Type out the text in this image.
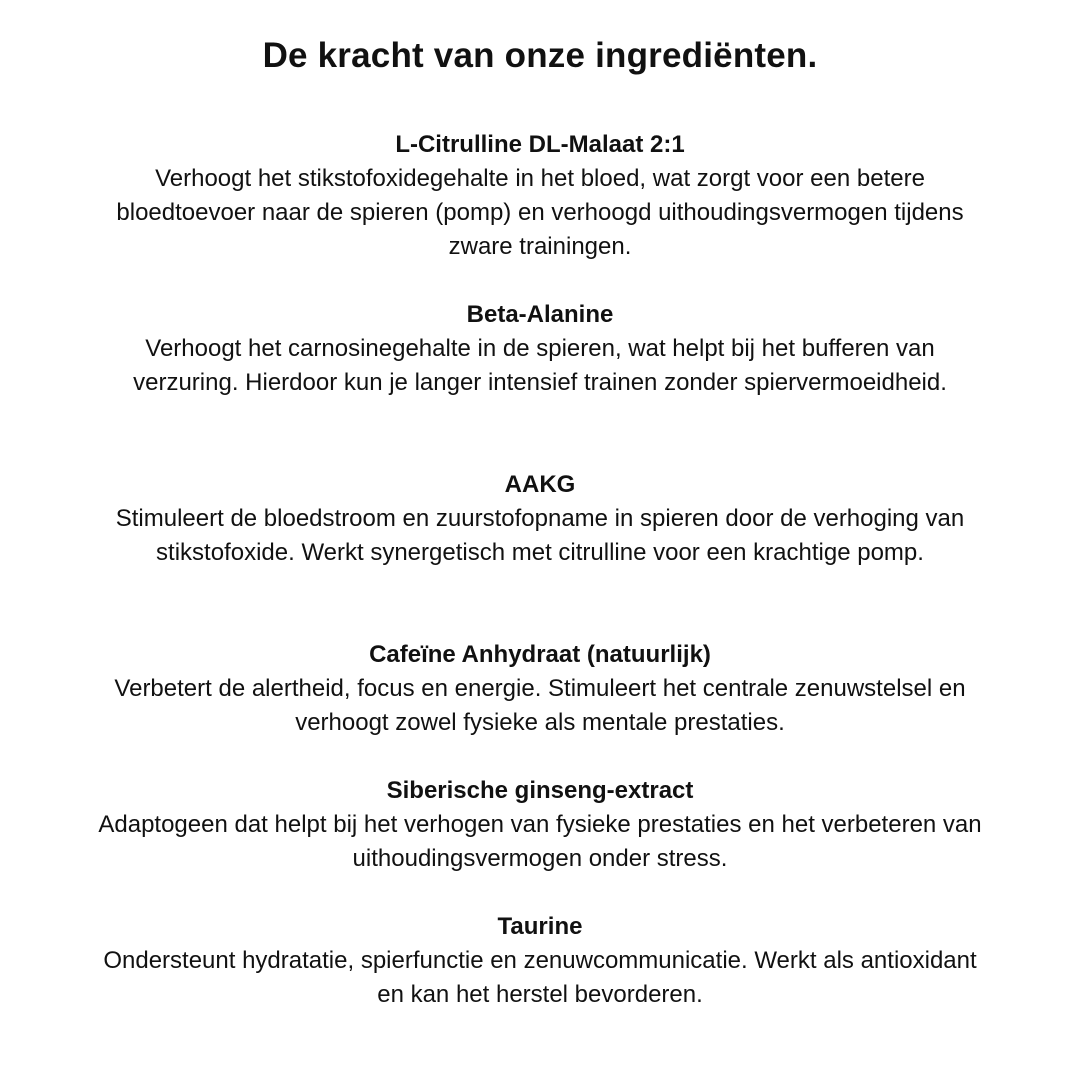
De kracht van onze ingrediënten.

L-Citrulline DL-Malaat 2:1

Verhoogt het stikstofoxidegehalte in het bloed, wat zorgt voor een betere bloedtoevoer naar de spieren (pomp) en verhoogd uithoudingsvermogen tijdens zware trainingen.

Beta-Alanine

Verhoogt het carnosinegehalte in de spieren, wat helpt bij het bufferen van verzuring. Hierdoor kun je langer intensief trainen zonder spiervermoeidheid.

AAKG

Stimuleert de bloedstroom en zuurstofopname in spieren door de verhoging van stikstofoxide. Werkt synergetisch met citrulline voor een krachtige pomp.

Cafeïne Anhydraat (natuurlijk)

Verbetert de alertheid, focus en energie. Stimuleert het centrale zenuwstelsel en verhoogt zowel fysieke als mentale prestaties.

Siberische ginseng-extract

Adaptogeen dat helpt bij het verhogen van fysieke prestaties en het verbeteren van uithoudingsvermogen onder stress.

Taurine

Ondersteunt hydratatie, spierfunctie en zenuwcommunicatie. Werkt als antioxidant en kan het herstel bevorderen.
